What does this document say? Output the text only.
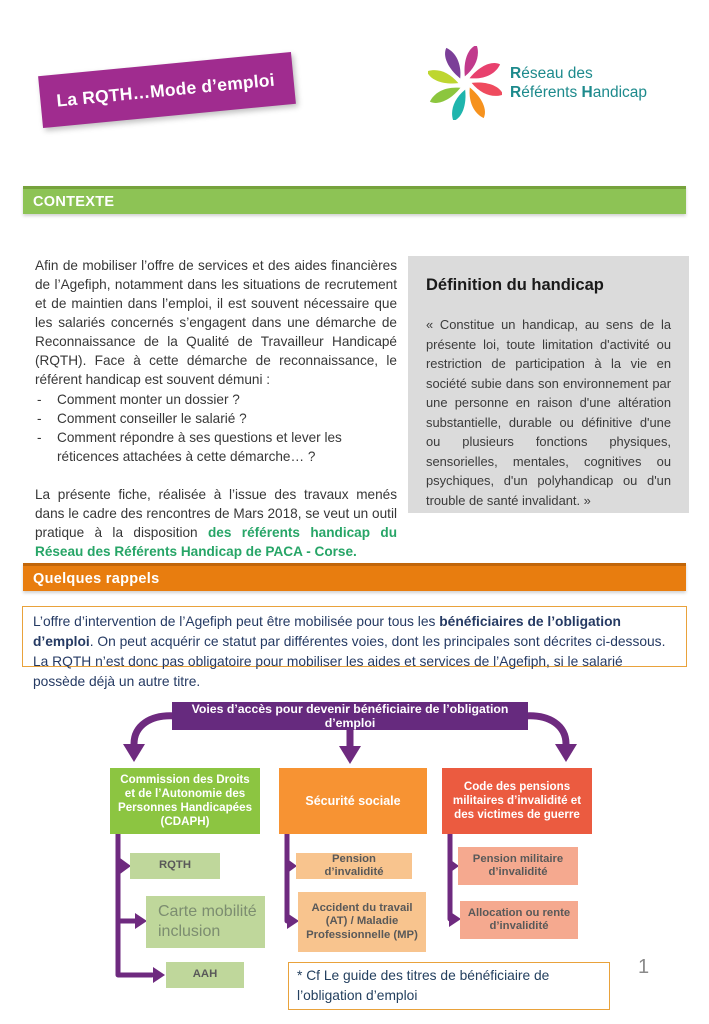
La RQTH…Mode d’emploi	Réseau des
Référents Handicap
CONTEXTE

Afin de mobiliser l’offre de services et des aides financières de l’Agefiph, notamment dans les situations de recrutement et de maintien dans l’emploi, il est souvent nécessaire que les salariés concernés s’engagent dans une démarche de Reconnaissance de la Qualité de Travailleur Handicapé (RQTH). Face à cette démarche de reconnaissance, le référent handicap est souvent démuni :

-	Comment monter un dossier ?
-	Comment conseiller le salarié ?
-	Comment répondre à ses questions et lever les réticences attachées à cette démarche… ?

La présente fiche, réalisée à l’issue des travaux menés dans le cadre des rencontres de Mars 2018, se veut un outil pratique à la disposition des référents handicap du Réseau des Référents Handicap de PACA - Corse.

Définition du handicap

« Constitue un handicap, au sens de la présente loi, toute limitation d'activité ou restriction de participation à la vie en société subie dans son environnement par une personne en raison d'une altération substantielle, durable ou définitive d'une ou plusieurs fonctions physiques, sensorielles, mentales, cognitives ou psychiques, d'un polyhandicap ou d'un trouble de santé invalidant. »

Quelques rappels
L’offre d’intervention de l’Agefiph peut être mobilisée pour tous les bénéficiaires de l’obligation d’emploi. On peut acquérir ce statut par différentes voies, dont les principales sont décrites ci-dessous. La RQTH n’est donc pas obligatoire pour mobiliser les aides et services de l’Agefiph, si le salarié possède déjà un autre titre.
Voies d’accès pour devenir bénéficiaire de l’obligation d’emploi
Commission des Droits et de l’Autonomie des Personnes Handicapées (CDAPH)
Sécurité sociale
Code des pensions militaires d’invalidité et des victimes de guerre
RQTH
Carte mobilité inclusion
AAH
Pension d’invalidité
Accident du travail (AT) / Maladie Professionnelle (MP)
Pension militaire d’invalidité
Allocation ou rente d’invalidité
* Cf Le guide des titres de bénéficiaire de l’obligation d’emploi
1
